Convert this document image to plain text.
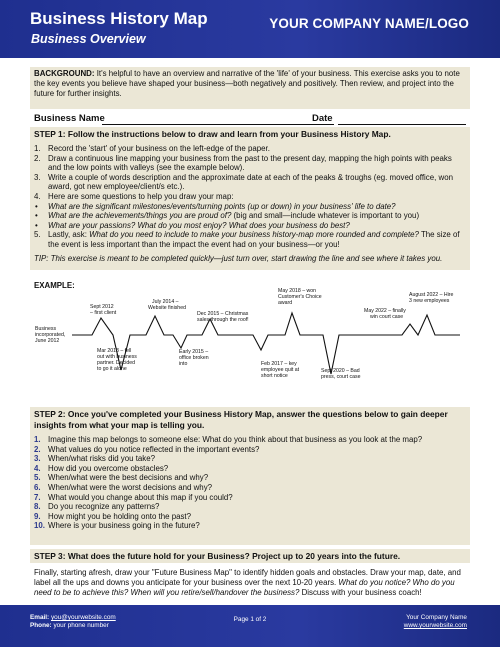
Business History Map
Business Overview
YOUR COMPANY NAME/LOGO
BACKGROUND: It's helpful to have an overview and narrative of the 'life' of your business. This exercise asks you to note the key events you believe have shaped your business—both negatively and positively. Then review, and project into the future for further insights.
Business Name	Date
STEP 1: Follow the instructions below to draw and learn from your Business History Map.
1. Record the 'start' of your business on the left-edge of the paper.
2. Draw a continuous line mapping your business from the past to the present day, mapping the high points with peaks and the low points with valleys (see the example below).
3. Write a couple of words description and the approximate date at each of the peaks & troughs (eg. moved office, won award, got new employee/client/s etc.).
4. Here are some questions to help you draw your map:
• What are the significant milestones/events/turning points (up or down) in your business' life to date?
• What are the achievements/things you are proud of? (big and small—include whatever is important to you)
• What are your passions? What do you most enjoy? What does your business do best?
5. Lastly, ask: What do you need to include to make your business history-map more rounded and complete? The size of the event is less important than the impact the event had on your business—or you!
TIP: This exercise is meant to be completed quickly—just turn over, start drawing the line and see where it takes you.
EXAMPLE:
Business incorporated, June 2012
Sept 2012 – first client
Mar 2013 – fell out with business partner. Decided to go it alone
July 2014 – Website finished
Early 2015 – office broken into
Dec 2015 – Christmas sales through the roof!
Feb 2017 – key employee quit at short notice
May 2018 – won Customer's Choice award
Sept 2020 – Bad press, court case
May 2022 – finally win court case
August 2022 – Hire 3 new employees
STEP 2: Once you've completed your Business History Map, answer the questions below to gain deeper insights from what your map is telling you.
1. Imagine this map belongs to someone else: What do you think about that business as you look at the map?
2. What values do you notice reflected in the important events?
3. When/what risks did you take?
4. How did you overcome obstacles?
5. When/what were the best decisions and why?
6. When/what were the worst decisions and why?
7. What would you change about this map if you could?
8. Do you recognize any patterns?
9. How might you be holding onto the past?
10. Where is your business going in the future?
STEP 3: What does the future hold for your Business? Project up to 20 years into the future.
Finally, starting afresh, draw your "Future Business Map" to identify hidden goals and obstacles. Draw your map, date, and label all the ups and downs you anticipate for your business over the next 10-20 years. What do you notice? Who do you need to be to achieve this? When will you retire/sell/handover the business? Discuss with your business coach!
Email: you@yourwebsite.com
Phone: your phone number
Page 1 of 2	Your Company Name
www.yourwebsite.com
